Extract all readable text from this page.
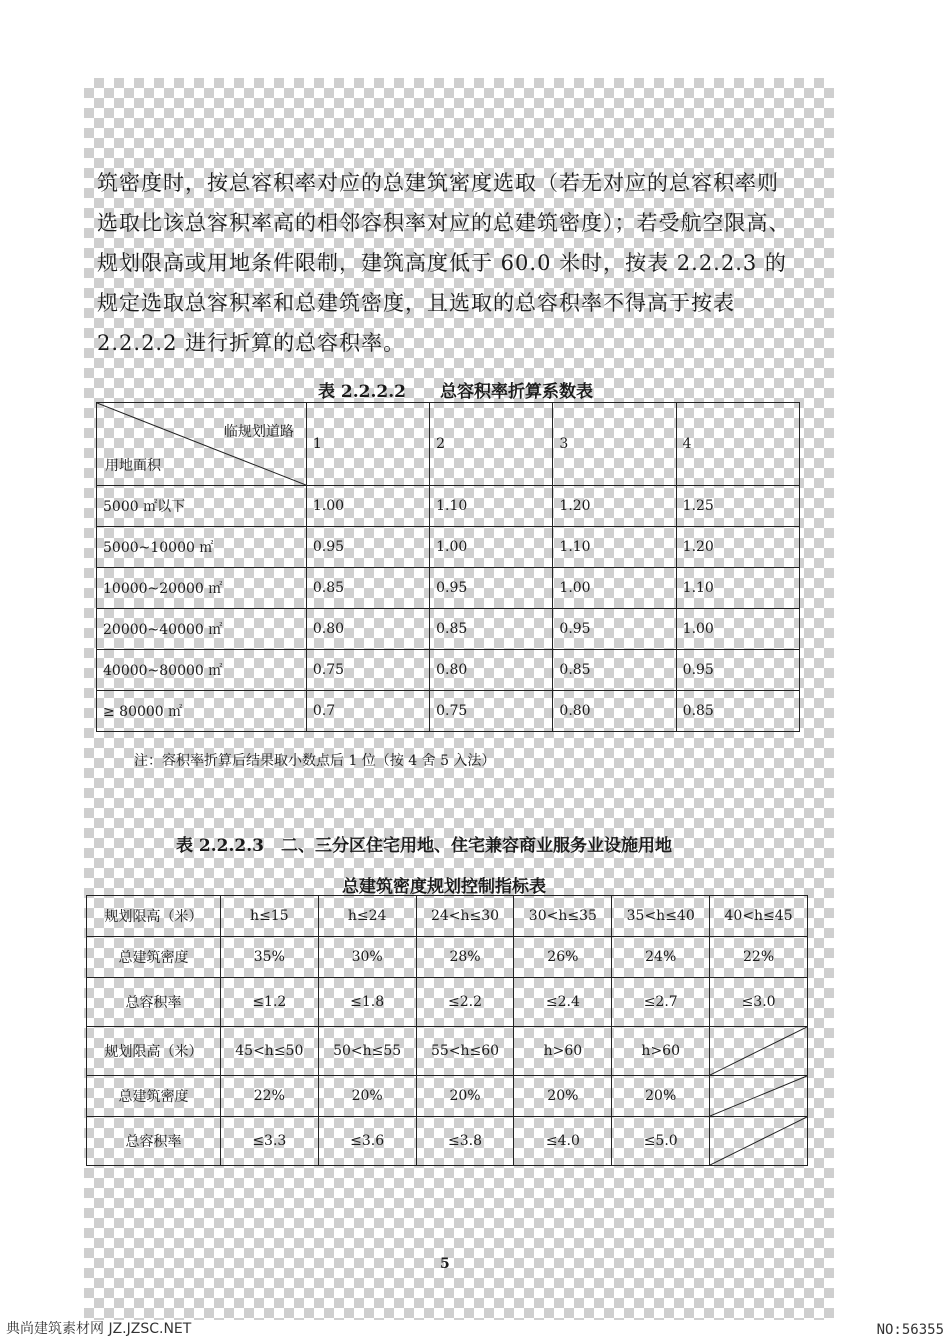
筑密度时，按总容积率对应的总建筑密度选取（若无对应的总容积率则
选取比该总容积率高的相邻容积率对应的总建筑密度）；若受航空限高、
规划限高或用地条件限制，建筑高度低于 60.0 米时，按表 2.2.2.3 的
规定选取总容积率和总建筑密度，且选取的总容积率不得高于按表
2.2.2.2 进行折算的总容积率。
表 2.2.2.2　　总容积率折算系数表
临规划道路
用地面积	1	2	3	4
5000 ㎡以下	1.00	1.10	1.20	1.25
5000~10000 ㎡	0.95	1.00	1.10	1.20
10000~20000 ㎡	0.85	0.95	1.00	1.10
20000~40000 ㎡	0.80	0.85	0.95	1.00
40000~80000 ㎡	0.75	0.80	0.85	0.95
≥ 80000 ㎡	0.7	0.75	0.80	0.85
注：容积率折算后结果取小数点后 1 位（按 4 舍 5 入法）
表 2.2.2.3　二、三分区住宅用地、住宅兼容商业服务业设施用地
总建筑密度规划控制指标表
规划限高（米）	h≤15	h≤24	24<h≤30	30<h≤35	35<h≤40	40<h≤45
总建筑密度	35%	30%	28%	26%	24%	22%
总容积率	≤1.2	≤1.8	≤2.2	≤2.4	≤2.7	≤3.0
规划限高（米）	45<h≤50	50<h≤55	55<h≤60	h>60	h>60	

总建筑密度	22%	20%	20%	20%	20%	

总容积率	≤3.3	≤3.6	≤3.8	≤4.0	≤5.0	
5
典尚建筑素材网 JZ.JZSC.NET	NO:56355
